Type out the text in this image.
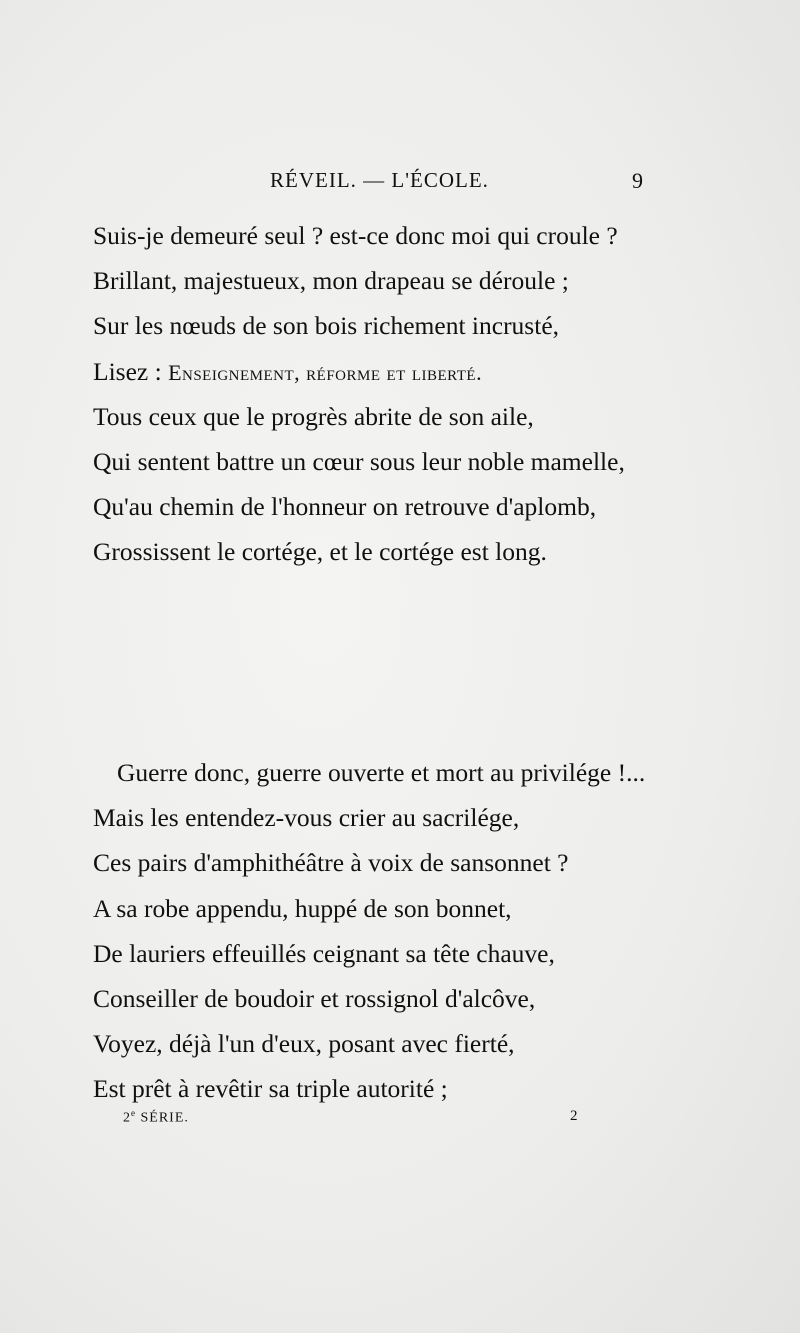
RÉVEIL. — L'ÉCOLE.	9
Suis-je demeuré seul ? est-ce donc moi qui croule ?
Brillant, majestueux, mon drapeau se déroule ;
Sur les nœuds de son bois richement incrusté,
Lisez : Enseignement, réforme et liberté.
Tous ceux que le progrès abrite de son aile,
Qui sentent battre un cœur sous leur noble mamelle,
Qu'au chemin de l'honneur on retrouve d'aplomb,
Grossissent le cortége, et le cortége est long.
Guerre donc, guerre ouverte et mort au privilége !...
Mais les entendez-vous crier au sacrilége,
Ces pairs d'amphithéâtre à voix de sansonnet ?
A sa robe appendu, huppé de son bonnet,
De lauriers effeuillés ceignant sa tête chauve,
Conseiller de boudoir et rossignol d'alcôve,
Voyez, déjà l'un d'eux, posant avec fierté,
Est prêt à revêtir sa triple autorité ;
2e SÉRIE.	2
